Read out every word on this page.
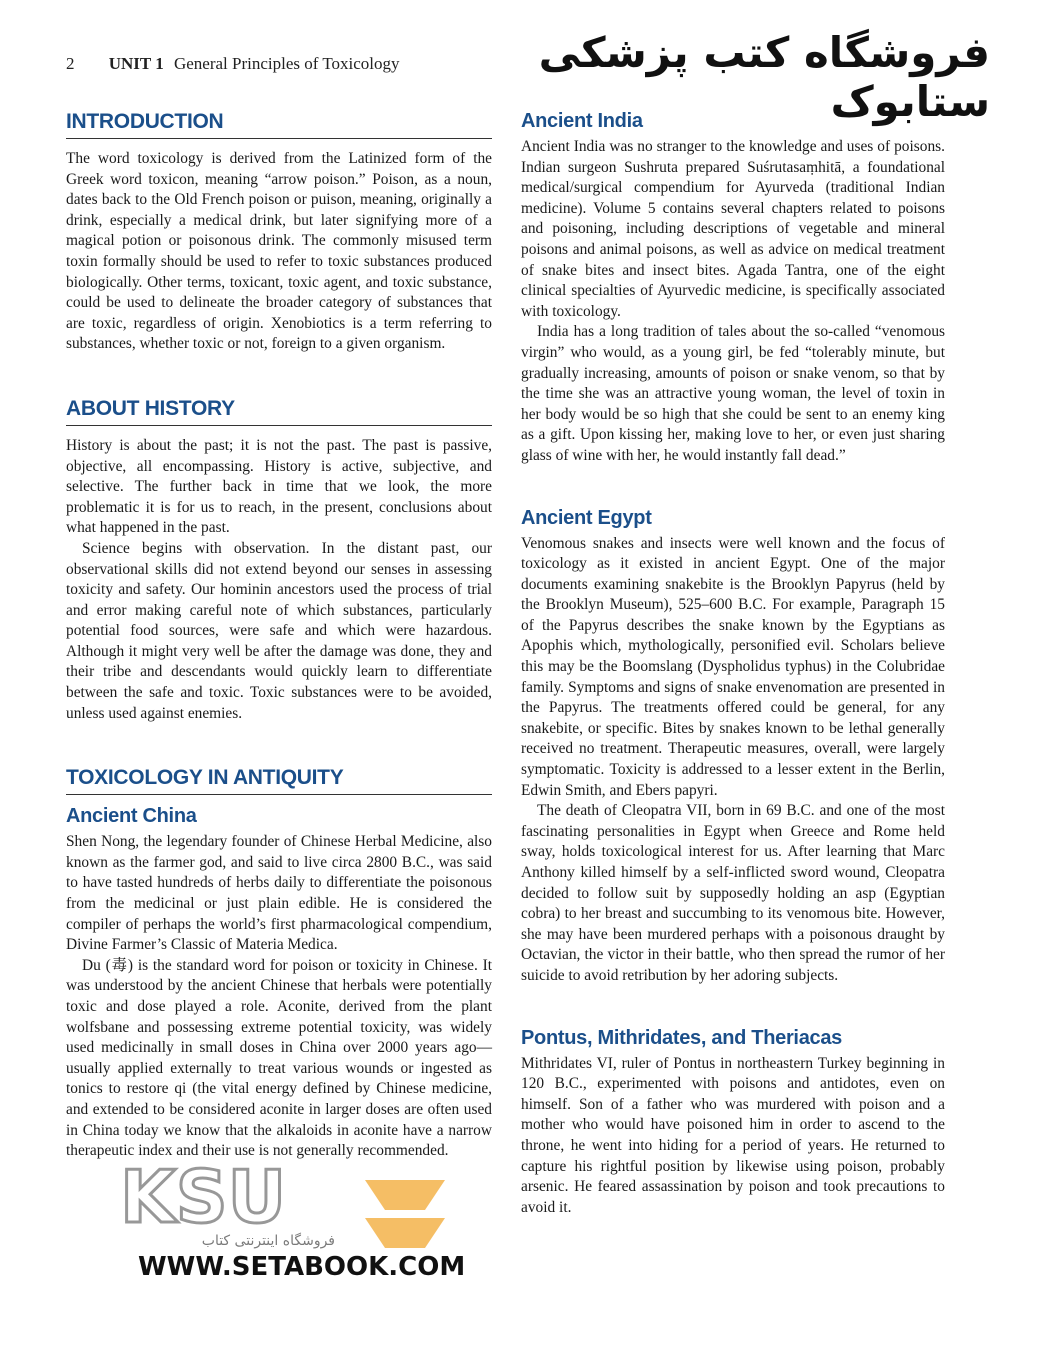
2 UNIT 1 General Principles of Toxicology	فروشگاه کتب پزشکی ستابوک
INTRODUCTION

The word toxicology is derived from the Latinized form of the Greek word toxicon, meaning “arrow poison.” Poison, as a noun, dates back to the Old French poison or puison, meaning, originally a drink, especially a medical drink, but later signifying more of a magical potion or poisonous drink. The commonly misused term toxin formally should be used to refer to toxic substances produced biologically. Other terms, toxicant, toxic agent, and toxic substance, could be used to delineate the broader category of substances that are toxic, regardless of origin. Xenobiotics is a term referring to substances, whether toxic or not, foreign to a given organism.

ABOUT HISTORY

History is about the past; it is not the past. The past is passive, objective, all encompassing. History is active, subjective, and selective. The further back in time that we look, the more problematic it is for us to reach, in the present, conclusions about what happened in the past.

Science begins with observation. In the distant past, our observational skills did not extend beyond our senses in assessing toxicity and safety. Our hominin ancestors used the process of trial and error making careful note of which substances, particularly potential food sources, were safe and which were hazardous. Although it might very well be after the damage was done, they and their tribe and descendants would quickly learn to differentiate between the safe and toxic. Toxic substances were to be avoided, unless used against enemies.

TOXICOLOGY IN ANTIQUITY
Ancient China

Shen Nong, the legendary founder of Chinese Herbal Medicine, also known as the farmer god, and said to live circa 2800 B.C., was said to have tasted hundreds of herbs daily to differentiate the poisonous from the medicinal or just plain edible. He is considered the compiler of perhaps the world’s first pharmacological compendium, Divine Farmer’s Classic of Materia Medica.

Du (毒) is the standard word for poison or toxicity in Chinese. It was understood by the ancient Chinese that herbals were potentially toxic and dose played a role. Aconite, derived from the plant wolfsbane and possessing extreme potential toxicity, was widely used medicinally in small doses in China over 2000 years ago—usually applied externally to treat various wounds or ingested as tonics to restore qi (the vital energy defined by Chinese medicine, and extended to be considered aconite in larger doses are often used in China today we know that the alkaloids in aconite have a narrow therapeutic index and their use is not generally recommended.

Ancient India

Ancient India was no stranger to the knowledge and uses of poisons. Indian surgeon Sushruta prepared Suśrutasaṃhitā, a foundational medical/surgical compendium for Ayurveda (traditional Indian medicine). Volume 5 contains several chapters related to poisons and poisoning, including descriptions of vegetable and mineral poisons and animal poisons, as well as advice on medical treatment of snake bites and insect bites. Agada Tantra, one of the eight clinical specialties of Ayurvedic medicine, is specifically associated with toxicology.

India has a long tradition of tales about the so-called “venomous virgin” who would, as a young girl, be fed “tolerably minute, but gradually increasing, amounts of poison or snake venom, so that by the time she was an attractive young woman, the level of toxin in her body would be so high that she could be sent to an enemy king as a gift. Upon kissing her, making love to her, or even just sharing glass of wine with her, he would instantly fall dead.”

Ancient Egypt

Venomous snakes and insects were well known and the focus of toxicology as it existed in ancient Egypt. One of the major documents examining snakebite is the Brooklyn Papyrus (held by the Brooklyn Museum), 525–600 B.C. For example, Paragraph 15 of the Papyrus describes the snake known by the Egyptians as Apophis which, mythologically, personified evil. Scholars believe this may be the Boomslang (Dyspholidus typhus) in the Colubridae family. Symptoms and signs of snake envenomation are presented in the Papyrus. The treatments offered could be general, for any snakebite, or specific. Bites by snakes known to be lethal generally received no treatment. Therapeutic measures, overall, were largely symptomatic. Toxicity is addressed to a lesser extent in the Berlin, Edwin Smith, and Ebers papyri.

The death of Cleopatra VII, born in 69 B.C. and one of the most fascinating personalities in Egypt when Greece and Rome held sway, holds toxicological interest for us. After learning that Marc Anthony killed himself by a self-inflicted sword wound, Cleopatra decided to follow suit by supposedly holding an asp (Egyptian cobra) to her breast and succumbing to its venomous bite. However, she may have been murdered perhaps with a poisonous draught by Octavian, the victor in their battle, who then spread the rumor of her suicide to avoid retribution by her adoring subjects.

Pontus, Mithridates, and Theriacas

Mithridates VI, ruler of Pontus in northeastern Turkey beginning in 120 B.C., experimented with poisons and antidotes, even on himself. Son of a father who was murdered with poison and a mother who would have poisoned him in order to ascend to the throne, he went into hiding for a period of years. He returned to capture his rightful position by likewise using poison, probably arsenic. He feared assassination by poison and took precautions to avoid it.

KSU
فروشگاه اینترنتی کتاب
WWW.SETABOOK.COM
